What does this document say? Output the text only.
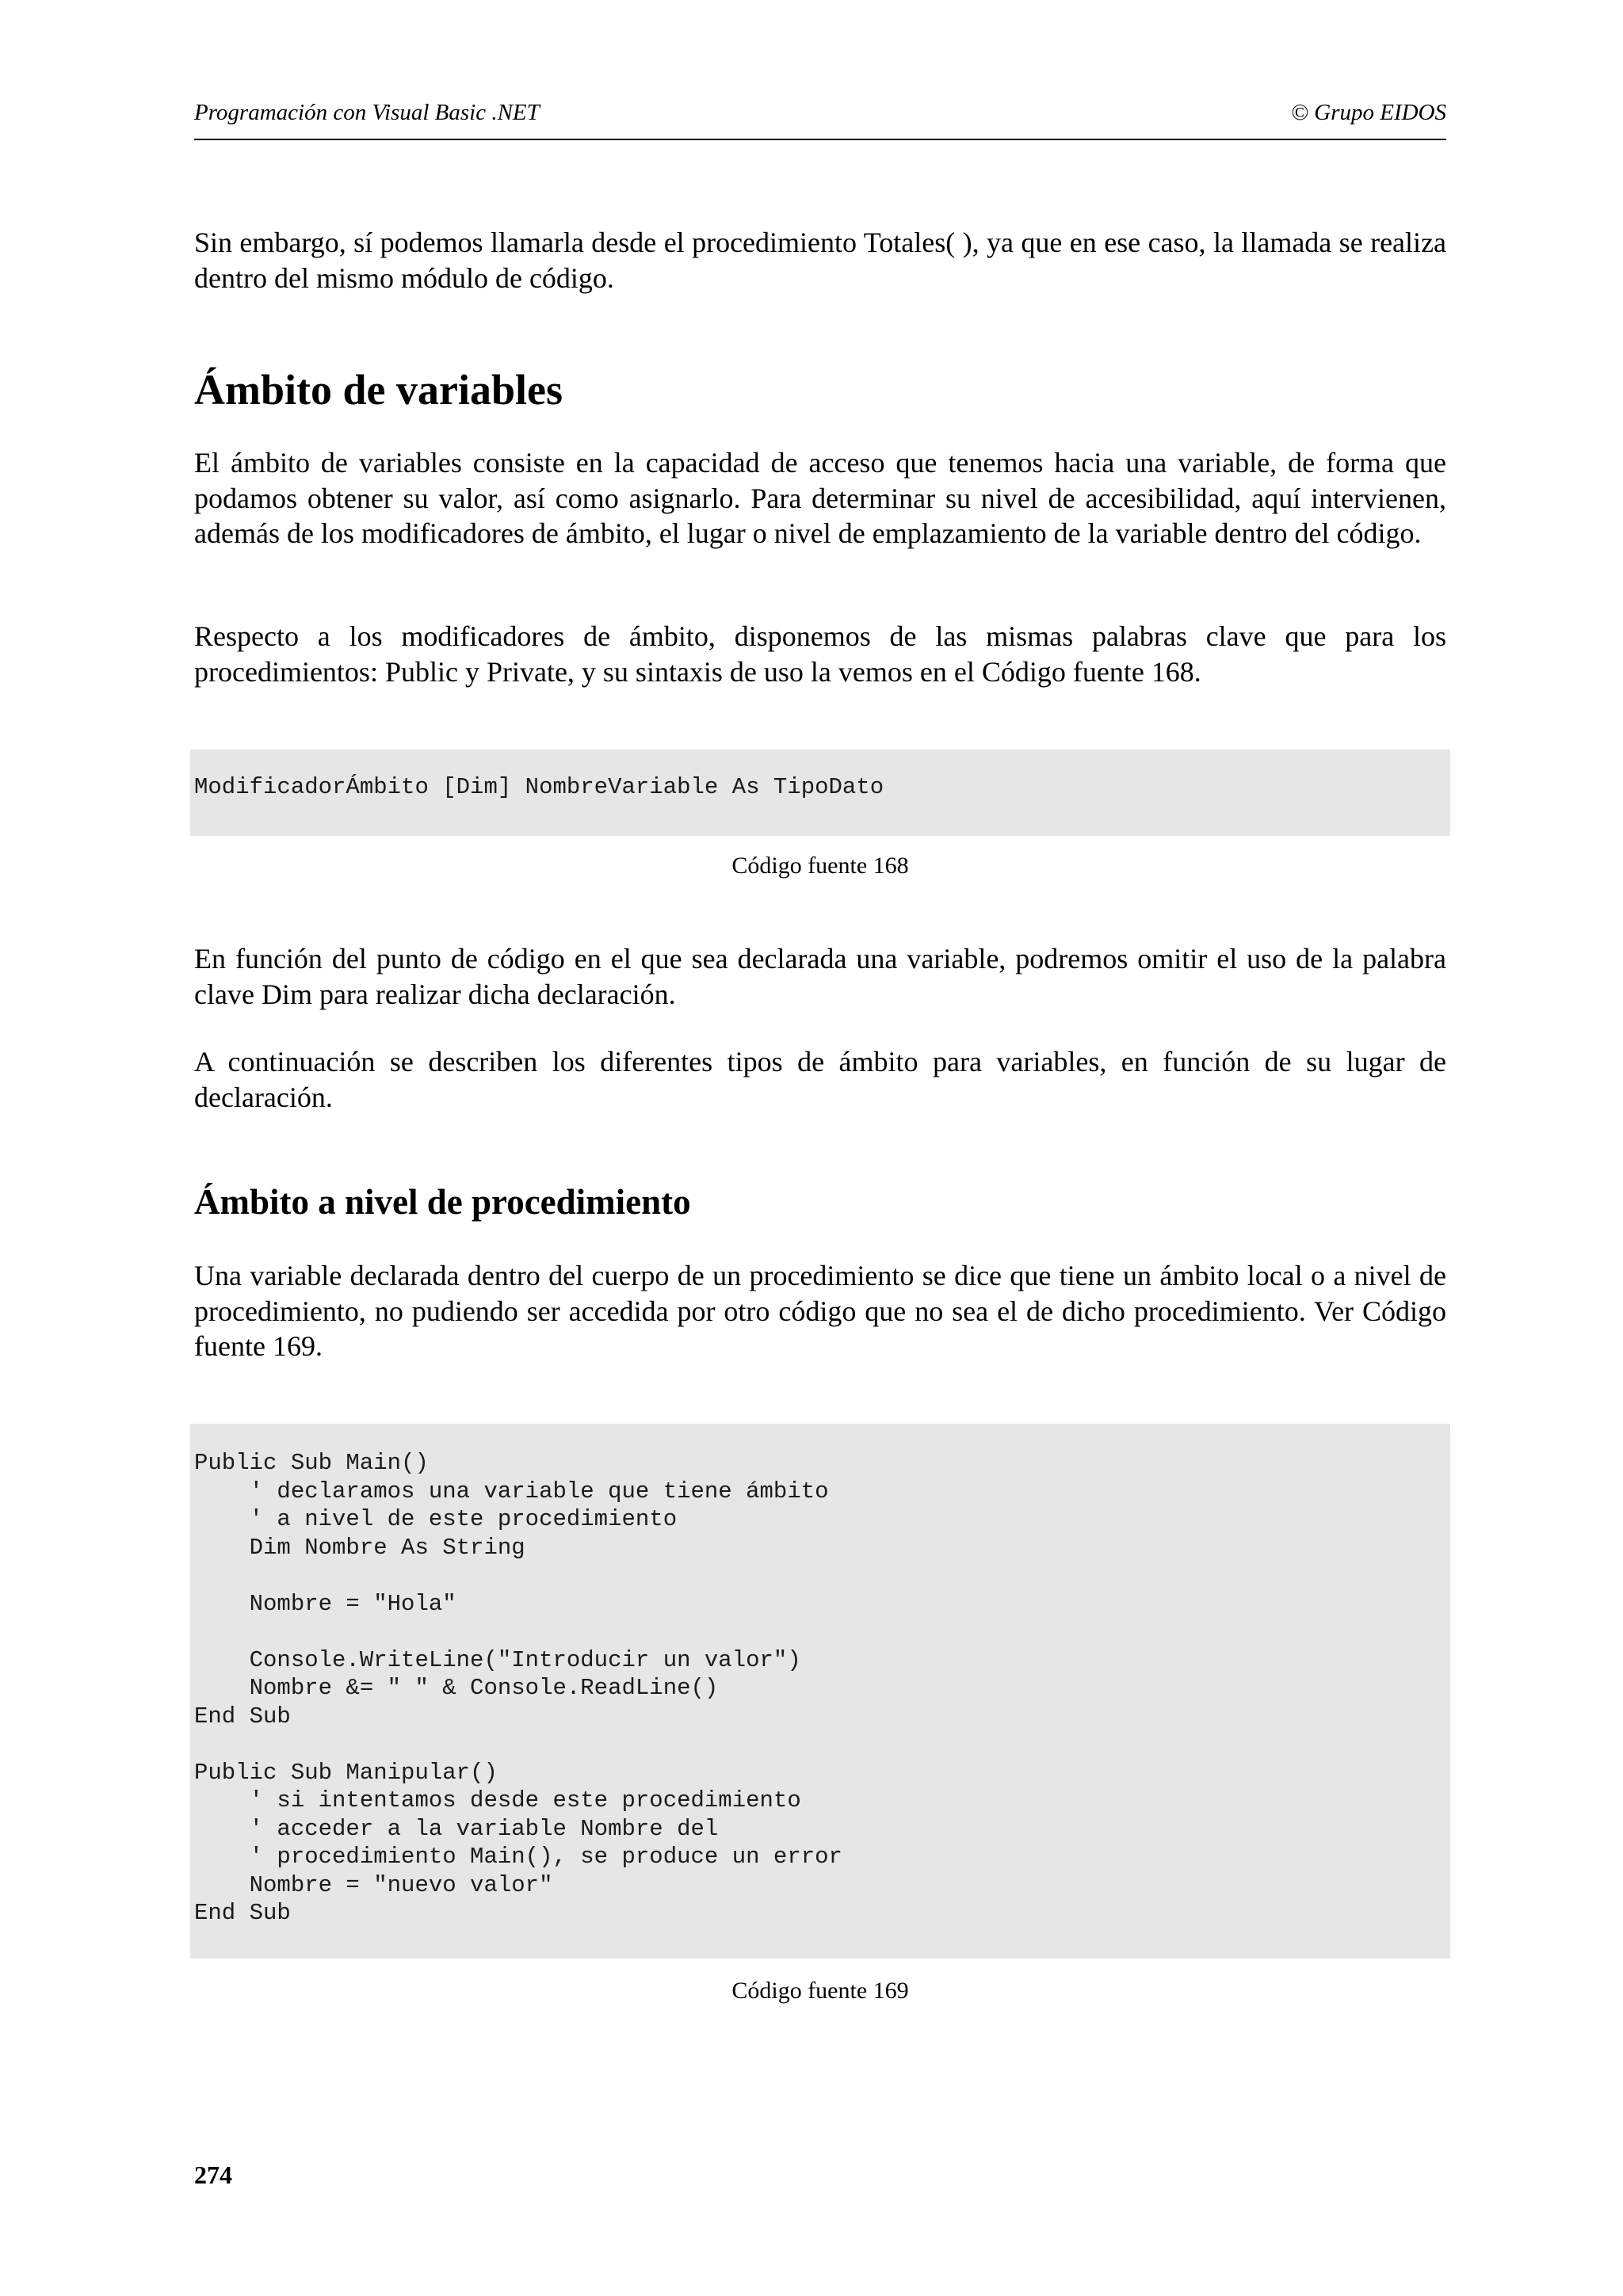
Programación con Visual Basic .NET	© Grupo EIDOS

Sin embargo, sí podemos llamarla desde el procedimiento Totales( ), ya que en ese caso, la llamada se realiza dentro del mismo módulo de código.

Ámbito de variables

El ámbito de variables consiste en la capacidad de acceso que tenemos hacia una variable, de forma que podamos obtener su valor, así como asignarlo. Para determinar su nivel de accesibilidad, aquí intervienen, además de los modificadores de ámbito, el lugar o nivel de emplazamiento de la variable dentro del código.

Respecto a los modificadores de ámbito, disponemos de las mismas palabras clave que para los procedimientos: Public y Private, y su sintaxis de uso la vemos en el Código fuente 168.

ModificadorÁmbito [Dim] NombreVariable As TipoDato
Código fuente 168

En función del punto de código en el que sea declarada una variable, podremos omitir el uso de la palabra clave Dim para realizar dicha declaración.

A continuación se describen los diferentes tipos de ámbito para variables, en función de su lugar de declaración.

Ámbito a nivel de procedimiento

Una variable declarada dentro del cuerpo de un procedimiento se dice que tiene un ámbito local o a nivel de procedimiento, no pudiendo ser accedida por otro código que no sea el de dicho procedimiento. Ver Código fuente 169.

Public Sub Main()
' declaramos una variable que tiene ámbito
' a nivel de este procedimiento
Dim Nombre As String

Nombre = "Hola"

Console.WriteLine("Introducir un valor")
Nombre &= " " & Console.ReadLine()
End Sub

Public Sub Manipular()
' si intentamos desde este procedimiento
' acceder a la variable Nombre del
' procedimiento Main(), se produce un error
Nombre = "nuevo valor"
End Sub
Código fuente 169
274
